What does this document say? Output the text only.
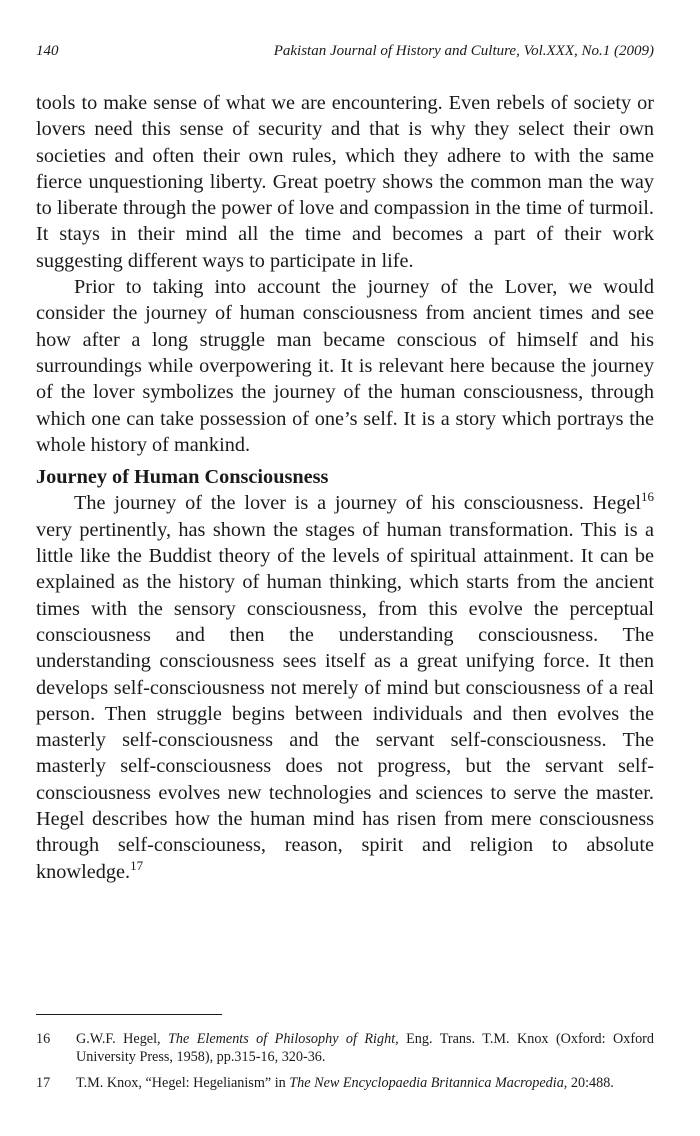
140	Pakistan Journal of History and Culture, Vol.XXX, No.1 (2009)

tools to make sense of what we are encountering. Even rebels of society or lovers need this sense of security and that is why they select their own societies and often their own rules, which they adhere to with the same fierce unquestioning liberty. Great poetry shows the common man the way to liberate through the power of love and compassion in the time of turmoil. It stays in their mind all the time and becomes a part of their work suggesting different ways to participate in life.

Prior to taking into account the journey of the Lover, we would consider the journey of human consciousness from ancient times and see how after a long struggle man became conscious of himself and his surroundings while overpowering it. It is relevant here because the journey of the lover symbolizes the journey of the human consciousness, through which one can take possession of one’s self. It is a story which portrays the whole history of mankind.

Journey of Human Consciousness

The journey of the lover is a journey of his consciousness. Hegel$^{16}$ very pertinently, has shown the stages of human transformation. This is a little like the Buddist theory of the levels of spiritual attainment. It can be explained as the history of human thinking, which starts from the ancient times with the sensory consciousness, from this evolve the perceptual consciousness and then the understanding consciousness. The understanding consciousness sees itself as a great unifying force. It then develops self-consciousness not merely of mind but consciousness of a real person. Then struggle begins between individuals and then evolves the masterly self-consciousness and the servant self-consciousness. The masterly self-consciousness does not progress, but the servant self-consciousness evolves new technologies and sciences to serve the master. Hegel describes how the human mind has risen from mere consciousness through self-consciouness, reason, spirit and religion to absolute knowledge.$^{17}$

16	G.W.F. Hegel, The Elements of Philosophy of Right, Eng. Trans. T.M. Knox (Oxford: Oxford University Press, 1958), pp.315-16, 320-36.
17	T.M. Knox, “Hegel: Hegelianism” in The New Encyclopaedia Britannica Macropedia, 20:488.
